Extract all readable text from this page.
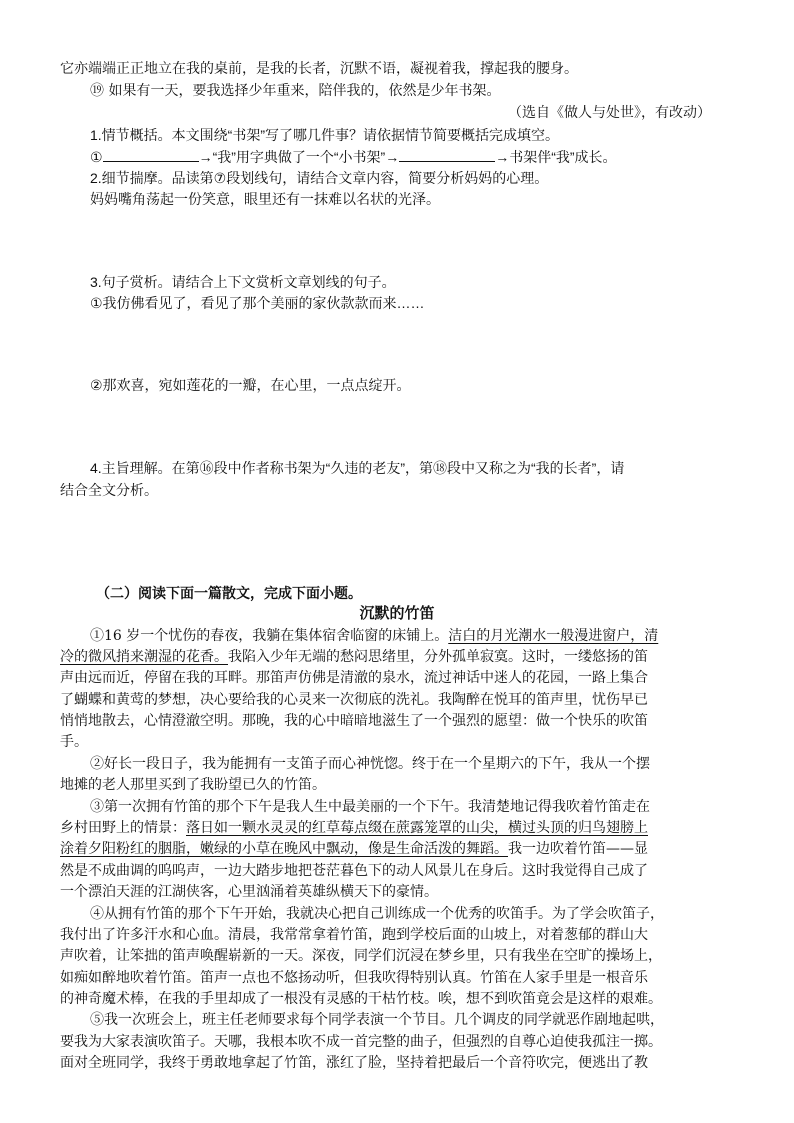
它亦端端正正地立在我的桌前，是我的长者，沉默不语，凝视着我，撑起我的腰身。
⑲ 如果有一天，要我选择少年重来，陪伴我的，依然是少年书架。
（选自《做人与处世》，有改动）
1.情节概括。本文围绕“书架”写了哪几件事？请依据情节简要概括完成填空。
①	→“我”用字典做了一个“小书架”→	→书架伴“我”成长。
2.细节揣摩。品读第⑦段划线句，请结合文章内容，简要分析妈妈的心理。
妈妈嘴角荡起一份笑意，眼里还有一抹难以名状的光泽。
3.句子赏析。请结合上下文赏析文章划线的句子。
①我仿佛看见了，看见了那个美丽的家伙款款而来……
②那欢喜，宛如莲花的一瓣，在心里，一点点绽开。
4.主旨理解。在第⑯段中作者称书架为“久违的老友”，第⑱段中又称之为“我的长者”，请
结合全文分析。
（二）阅读下面一篇散文，完成下面小题。
沉默的竹笛
①16 岁一个忧伤的春夜，我躺在集体宿舍临窗的床铺上。洁白的月光潮水一般漫进窗户，清
冷的微风捎来潮湿的花香。我陷入少年无端的愁闷思绪里，分外孤单寂寞。这时，一缕悠扬的笛
声由远而近，停留在我的耳畔。那笛声仿佛是清澈的泉水，流过神话中迷人的花园，一路上集合
了蝴蝶和黄莺的梦想，决心要给我的心灵来一次彻底的洗礼。我陶醉在悦耳的笛声里，忧伤早已
悄悄地散去，心情澄澈空明。那晚，我的心中暗暗地滋生了一个强烈的愿望：做一个快乐的吹笛
手。
②好长一段日子，我为能拥有一支笛子而心神恍惚。终于在一个星期六的下午，我从一个摆
地摊的老人那里买到了我盼望已久的竹笛。
③第一次拥有竹笛的那个下午是我人生中最美丽的一个下午。我清楚地记得我吹着竹笛走在
乡村田野上的情景：落日如一颗水灵灵的红草莓点缀在蔗露笼罩的山尖，横过头顶的归鸟翅膀上
涂着夕阳粉红的胭脂，嫩绿的小草在晚风中飘动，像是生命活泼的舞蹈。我一边吹着竹笛——显
然是不成曲调的呜呜声，一边大踏步地把苍茫暮色下的动人风景儿在身后。这时我觉得自己成了
一个漂泊天涯的江湖侠客，心里汹涌着英雄纵横天下的豪情。
④从拥有竹笛的那个下午开始，我就决心把自己训练成一个优秀的吹笛手。为了学会吹笛子，
我付出了许多汗水和心血。清晨，我常常拿着竹笛，跑到学校后面的山坡上，对着葱郁的群山大
声吹着，让笨拙的笛声唤醒崭新的一天。深夜，同学们沉浸在梦乡里，只有我坐在空旷的操场上，
如痴如醉地吹着竹笛。笛声一点也不悠扬动听，但我吹得特别认真。竹笛在人家手里是一根音乐
的神奇魔术棒，在我的手里却成了一根没有灵感的干枯竹枝。唉，想不到吹笛竟会是这样的艰难。
⑤我一次班会上，班主任老师要求每个同学表演一个节目。几个调皮的同学就恶作剧地起哄，
要我为大家表演吹笛子。天哪，我根本吹不成一首完整的曲子，但强烈的自尊心迫使我孤注一掷。
面对全班同学，我终于勇敢地拿起了竹笛，涨红了脸，坚持着把最后一个音符吹完，便逃出了教
